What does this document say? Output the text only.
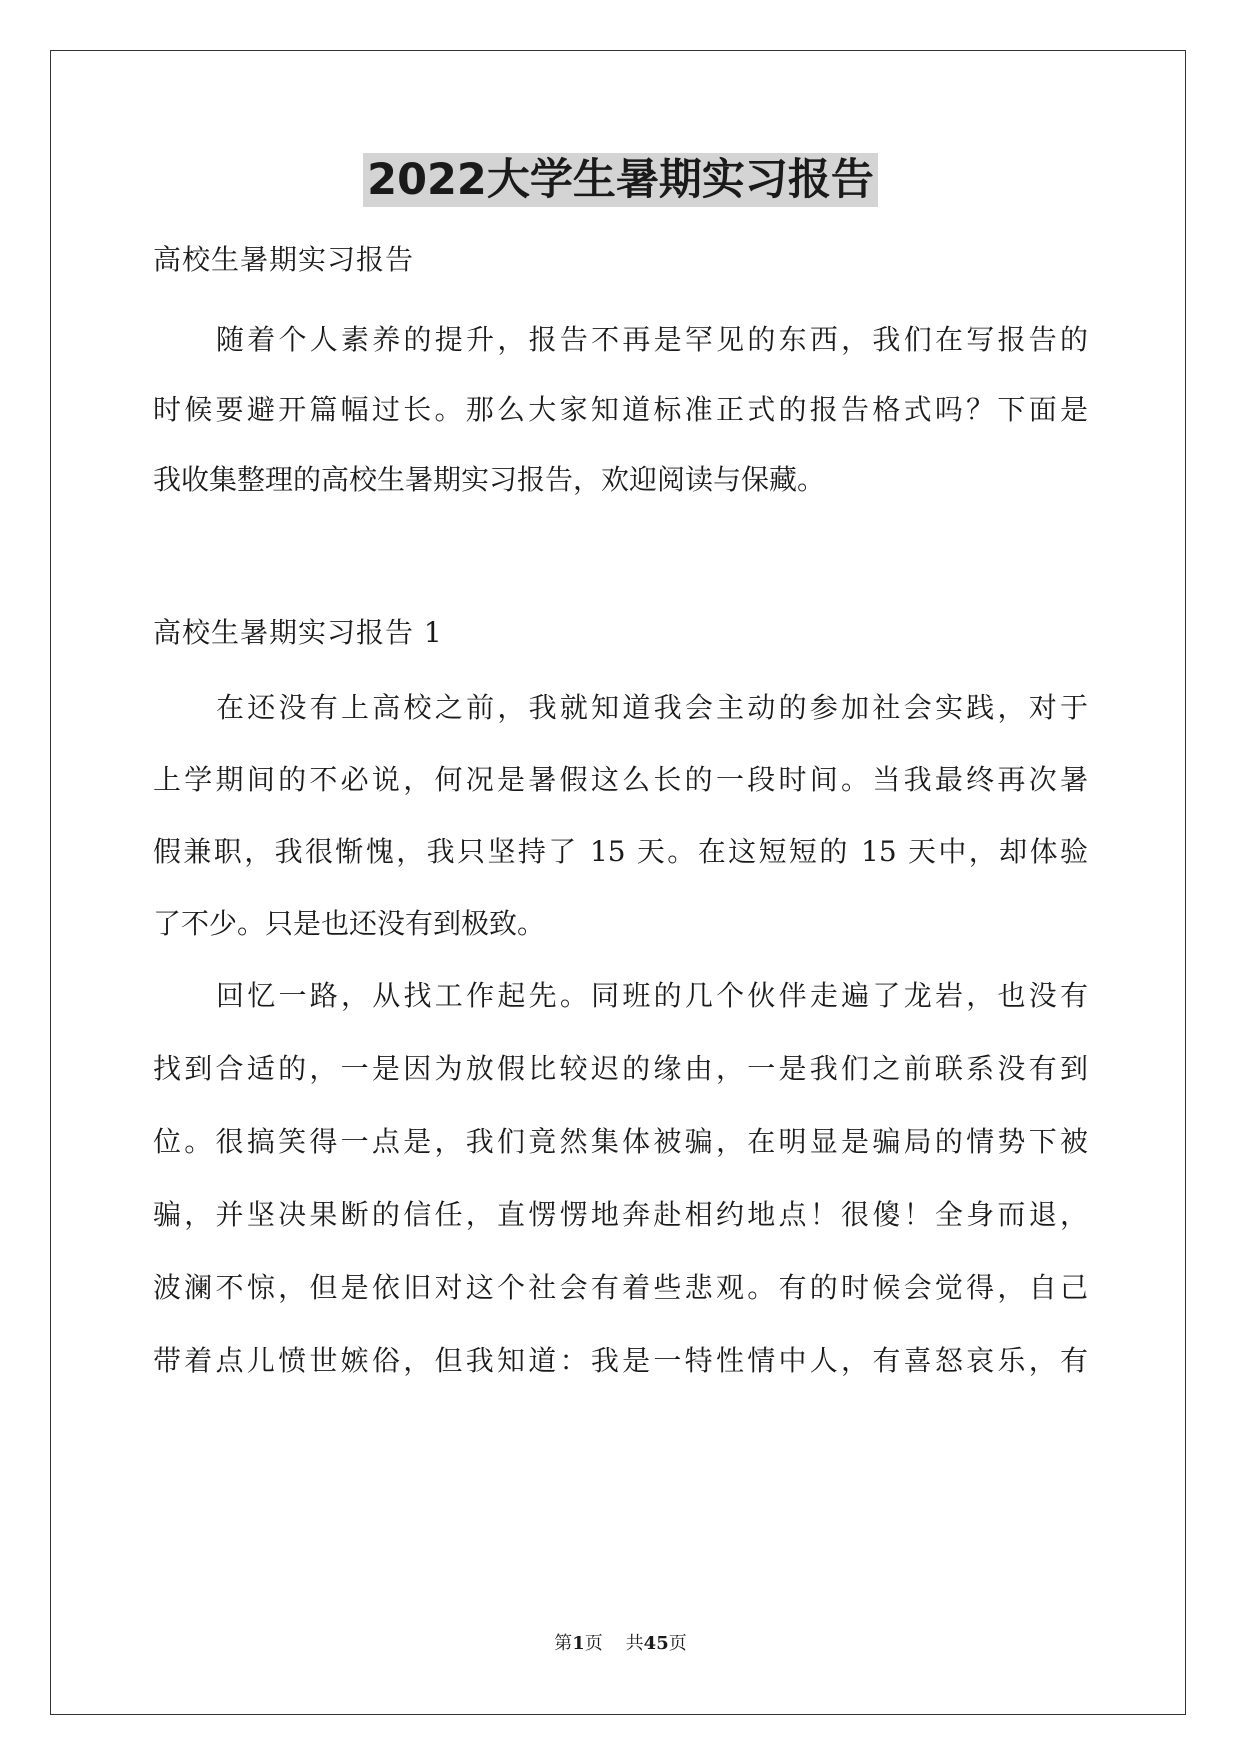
2022大学生暑期实习报告
高校生暑期实习报告
随着个人素养的提升，报告不再是罕见的东西，我们在写报告的
时候要避开篇幅过长。那么大家知道标准正式的报告格式吗？下面是
我收集整理的高校生暑期实习报告，欢迎阅读与保藏。
高校生暑期实习报告 1
在还没有上高校之前，我就知道我会主动的参加社会实践，对于
上学期间的不必说，何况是暑假这么长的一段时间。当我最终再次暑
假兼职，我很惭愧，我只坚持了 15 天。在这短短的 15 天中，却体验
了不少。只是也还没有到极致。
回忆一路，从找工作起先。同班的几个伙伴走遍了龙岩，也没有
找到合适的，一是因为放假比较迟的缘由，一是我们之前联系没有到
位。很搞笑得一点是，我们竟然集体被骗，在明显是骗局的情势下被
骗，并坚决果断的信任，直愣愣地奔赴相约地点！很傻！全身而退，
波澜不惊，但是依旧对这个社会有着些悲观。有的时候会觉得，自己
带着点儿愤世嫉俗，但我知道：我是一特性情中人，有喜怒哀乐，有
第1页 共45页
